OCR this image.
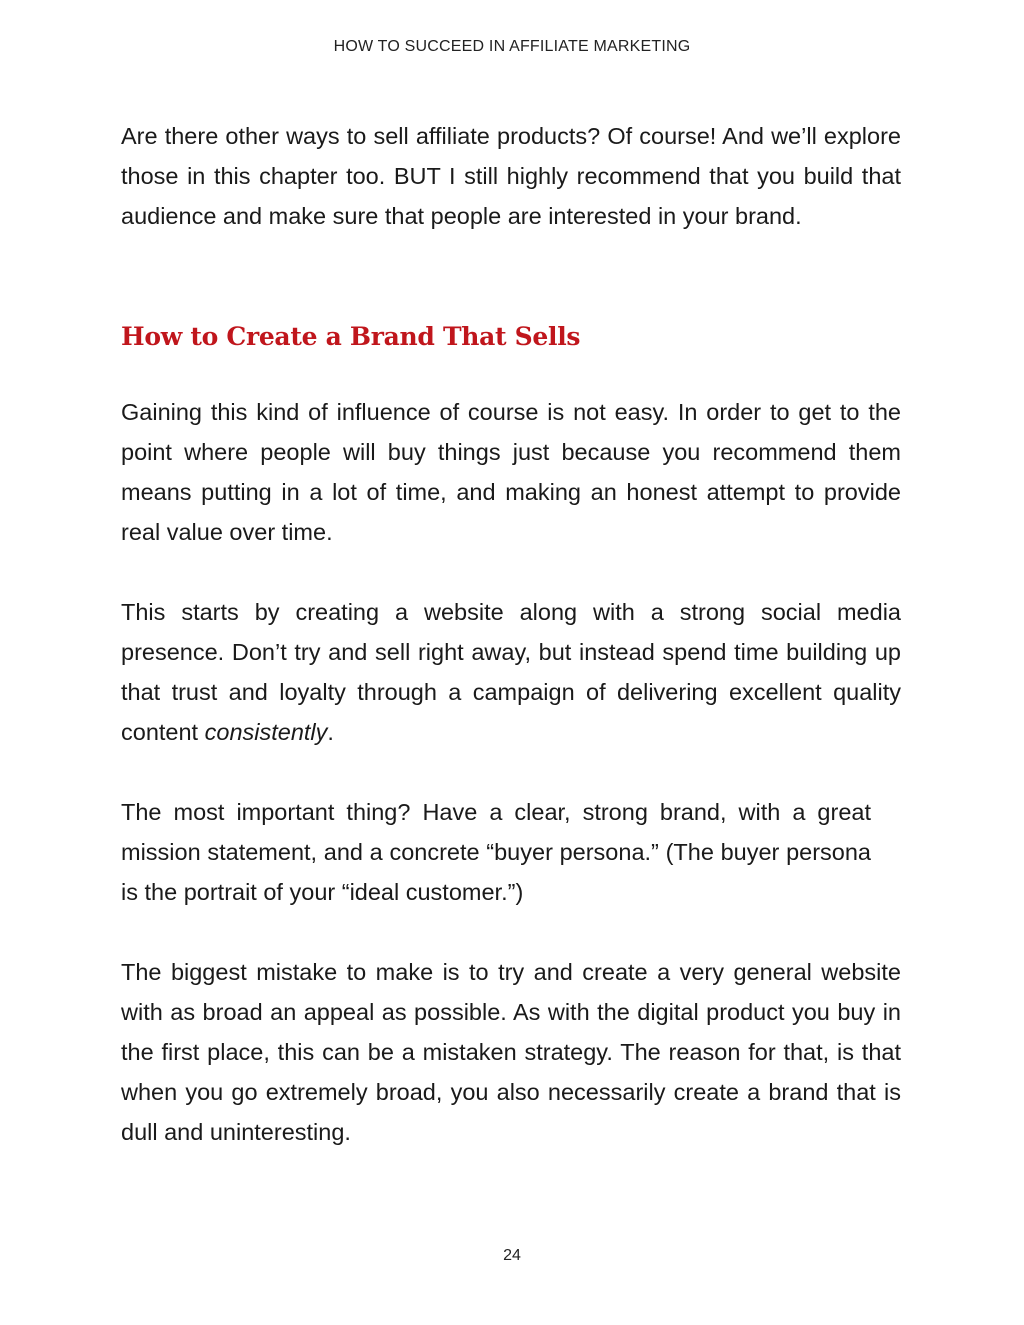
HOW TO SUCCEED IN AFFILIATE MARKETING

Are there other ways to sell affiliate products? Of course! And we’ll explore those in this chapter too. BUT I still highly recommend that you build that audience and make sure that people are interested in your brand.

How to Create a Brand That Sells

Gaining this kind of influence of course is not easy. In order to get to the point where people will buy things just because you recommend them means putting in a lot of time, and making an honest attempt to provide real value over time.

This starts by creating a website along with a strong social media presence. Don’t try and sell right away, but instead spend time building up that trust and loyalty through a campaign of delivering excellent quality content consistently.

The most important thing? Have a clear, strong brand, with a great mission statement, and a concrete “buyer persona.” (The buyer persona is the portrait of your “ideal customer.”)

The biggest mistake to make is to try and create a very general website with as broad an appeal as possible. As with the digital product you buy in the first place, this can be a mistaken strategy. The reason for that, is that when you go extremely broad, you also necessarily create a brand that is dull and uninteresting.

24
